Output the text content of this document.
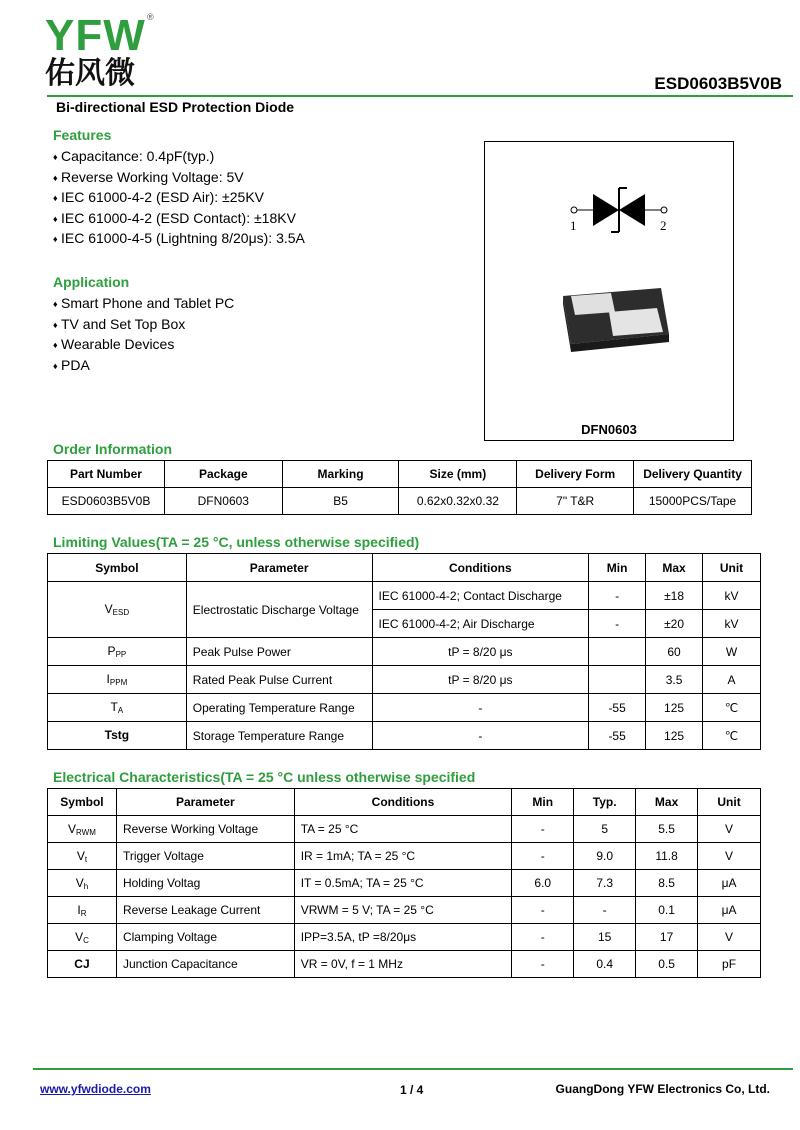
YFW
佑风微
®
ESD0603B5V0B
Bi-directional ESD Protection Diode
Features
♦ Capacitance: 0.4pF(typ.)
♦ Reverse Working Voltage: 5V
♦ IEC 61000-4-2 (ESD Air): ±25KV
♦ IEC 61000-4-2 (ESD Contact): ±18KV
♦ IEC 61000-4-5 (Lightning 8/20μs): 3.5A
Application
♦ Smart Phone and Tablet PC
♦ TV and Set Top Box
♦ Wearable Devices
♦ PDA
1	2
DFN0603
Order Information
Part Number	Package	Marking	Size (mm)	Delivery Form	Delivery Quantity
ESD0603B5V0B	DFN0603	B5	0.62x0.32x0.32	7" T&R	15000PCS/Tape
Limiting Values(TA = 25 °C, unless otherwise specified)
Symbol	Parameter	Conditions	Min	Max	Unit
$V_{ESD}$	Electrostatic Discharge Voltage	IEC 61000-4-2; Contact Discharge	-	±18	kV
		IEC 61000-4-2; Air Discharge	-	±20	kV
$P_{PP}$	Peak Pulse Power	tP = 8/20 μs		60	W
$I_{PPM}$	Rated Peak Pulse Current	tP = 8/20 μs		3.5	A
$T_A$	Operating Temperature Range	-	-55	125	℃
Tstg	Storage Temperature Range	-	-55	125	℃
Electrical Characteristics(TA = 25 °C unless otherwise specified
Symbol	Parameter	Conditions	Min	Typ.	Max	Unit
$V_{RWM}$	Reverse Working Voltage	TA = 25 °C	-	5	5.5	V
$V_t$	Trigger Voltage	IR = 1mA; TA = 25 °C	-	9.0	11.8	V
$V_h$	Holding Voltag	IT = 0.5mA; TA = 25 °C	6.0	7.3	8.5	μA
$I_R$	Reverse Leakage Current	VRWM = 5 V; TA = 25 °C	-	-	0.1	μA
$V_C$	Clamping Voltage	IPP=3.5A, tP =8/20μs	-	15	17	V
CJ	Junction Capacitance	VR = 0V, f = 1 MHz	-	0.4	0.5	pF
www.yfwdiode.com	1 / 4	GuangDong YFW Electronics Co, Ltd.
